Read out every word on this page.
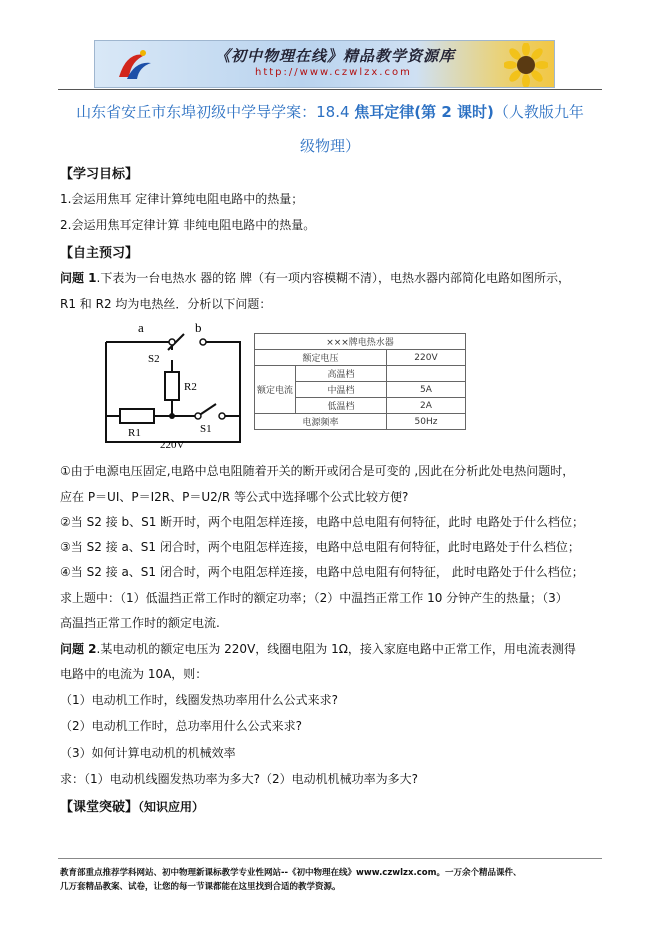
《初中物理在线》精品教学资源库
http://www.czwlzx.com
山东省安丘市东埠初级中学导学案：18.4 焦耳定律(第 2 课时)（人教版九年
级物理）
【学习目标】
1.会运用焦耳 定律计算纯电阻电路中的热量；
2.会运用焦耳定律计算 非纯电阻电路中的热量。
【自主预习】
问题 1.下表为一台电热水 器的铭 牌（有一项内容模糊不清），电热水器内部简化电路如图所示，
R1 和 R2 均为电热丝．分析以下问题：
a	b
S2
R2
R1	S1
220V
×××牌电热水器		
额定电压		220V
额定电流	高温档	
	中温档	5A
	低温档	2A
电源频率		50Hz
①由于电源电压固定,电路中总电阻随着开关的断开或闭合是可变的 ,因此在分析此处电热问题时，
应在 P＝UI、P＝I2R、P＝U2/R 等公式中选择哪个公式比较方便?
②当 S2 接 b、S1 断开时，两个电阻怎样连接，电路中总电阻有何特征，此时 电路处于什么档位；
③当 S2 接 a、S1 闭合时，两个电阻怎样连接，电路中总电阻有何特征，此时电路处于什么档位；
④当 S2 接 a、S1 闭合时，两个电阻怎样连接，电路中总电阻有何特征， 此时电路处于什么档位；
求上题中：（1）低温挡正常工作时的额定功率；（2）中温挡正常工作 10 分钟产生的热量；（3）
高温挡正常工作时的额定电流.
问题 2.某电动机的额定电压为 220V，线圈电阻为 1Ω，接入家庭电路中正常工作，用电流表测得
电路中的电流为 10A，则：
（1）电动机工作时，线圈发热功率用什么公式来求?
（2）电动机工作时，总功率用什么公式来求?
（3）如何计算电动机的机械效率
求：（1）电动机线圈发热功率为多大?（2）电动机机械功率为多大?
【课堂突破】（知识应用）
教育部重点推荐学科网站、初中物理新课标教学专业性网站--《初中物理在线》www.czwlzx.com。一万余个精品课件、
几万套精品教案、试卷，让您的每一节课都能在这里找到合适的教学资源。
